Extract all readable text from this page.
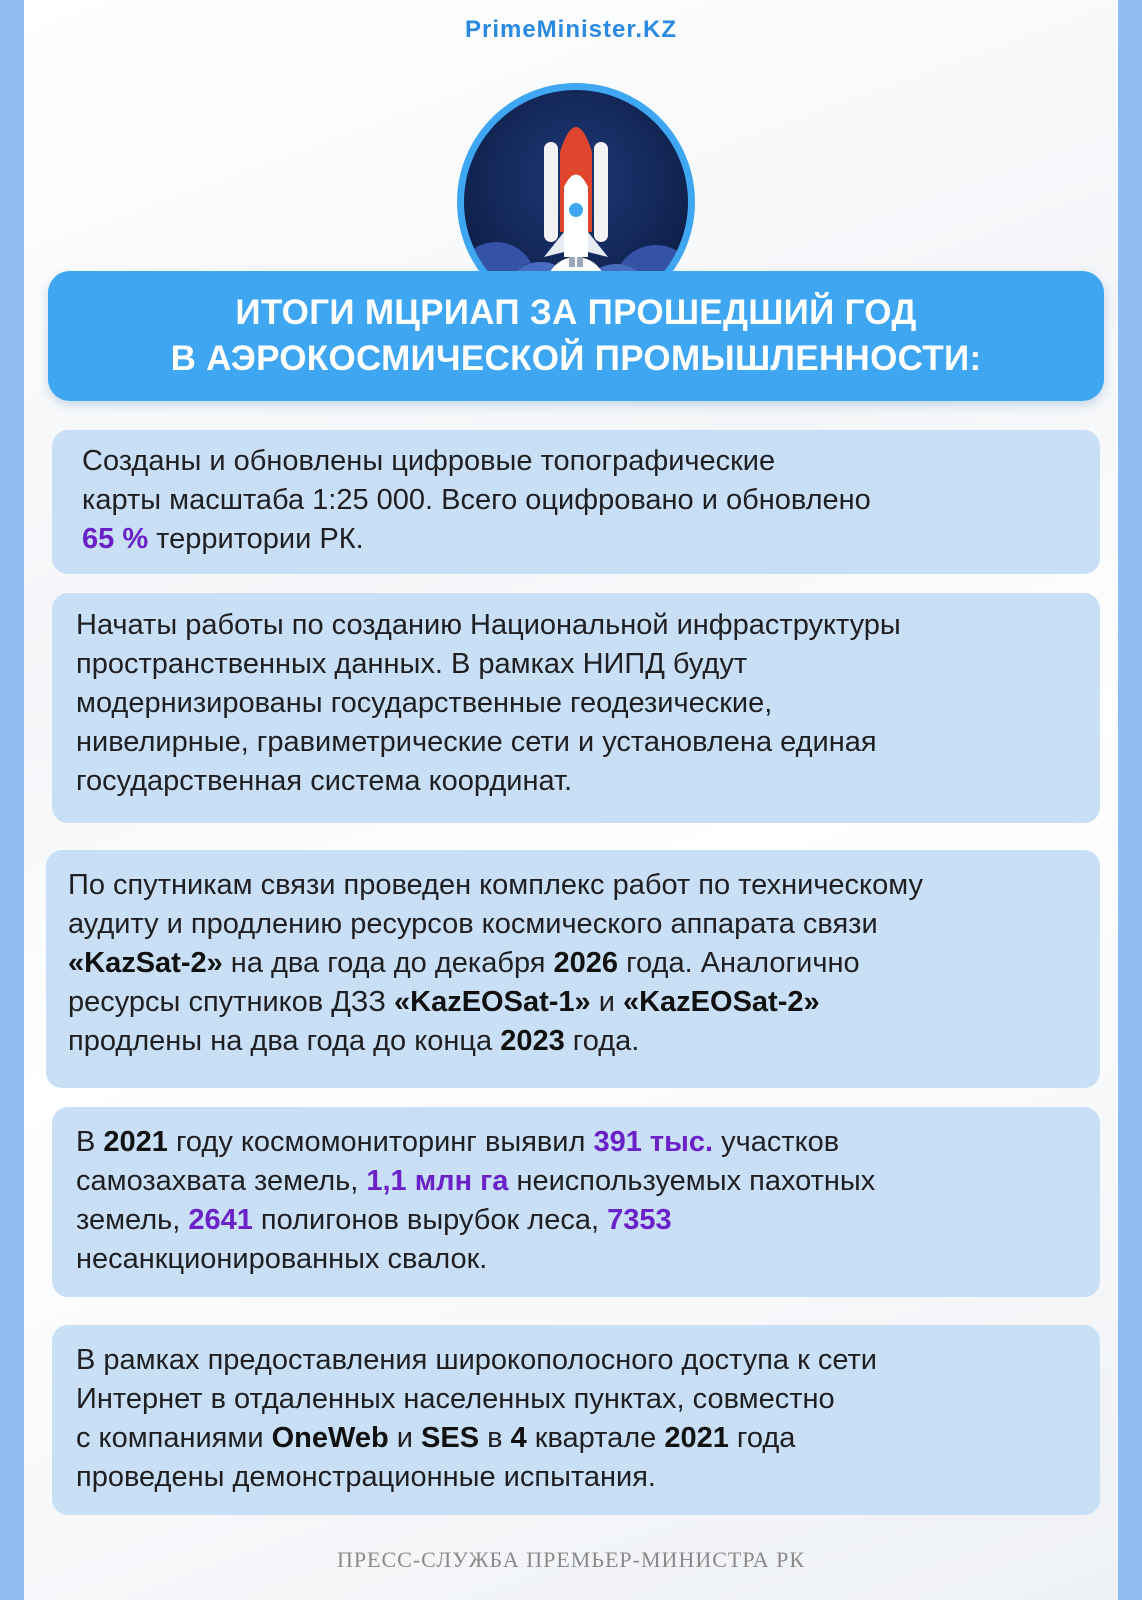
PrimeMinister.KZ
ИТОГИ МЦРИАП ЗА ПРОШЕДШИЙ ГОД
В АЭРОКОСМИЧЕСКОЙ ПРОМЫШЛЕННОСТИ:
Созданы и обновлены цифровые топографические
карты масштаба 1:25 000. Всего оцифровано и обновлено
65 % территории РК.
Начаты работы по созданию Национальной инфраструктуры
пространственных данных. В рамках НИПД будут
модернизированы государственные геодезические,
нивелирные, гравиметрические сети и установлена единая
государственная система координат.
По спутникам связи проведен комплекс работ по техническому
аудиту и продлению ресурсов космического аппарата связи
«KazSat-2» на два года до декабря 2026 года. Аналогично
ресурсы спутников ДЗЗ «KazEOSat-1» и «KazEOSat-2»
продлены на два года до конца 2023 года.
В 2021 году космомониторинг выявил 391 тыс. участков
самозахвата земель, 1,1 млн га неиспользуемых пахотных
земель, 2641 полигонов вырубок леса, 7353
несанкционированных свалок.
В рамках предоставления широкополосного доступа к сети
Интернет в отдаленных населенных пунктах, совместно
с компаниями OneWeb и SES в 4 квартале 2021 года
проведены демонстрационные испытания.
ПРЕСС-СЛУЖБА ПРЕМЬЕР-МИНИСТРА РК
